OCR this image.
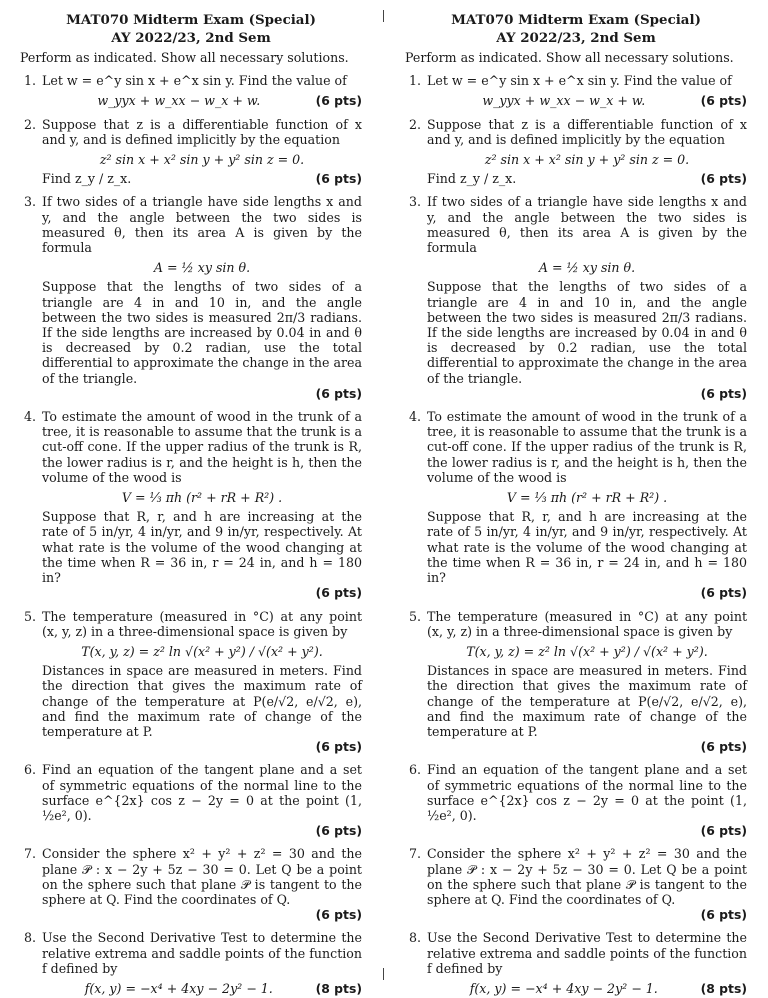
MAT070 Midterm Exam (Special)
AY 2022/23, 2nd Sem
Perform as indicated. Show all necessary solutions.
1. Let w = e^y sin x + e^x sin y. Find the value of

w_yyx + w_xx − w_x + w.	(6 pts)
2. Suppose that z is a differentiable function of x and y, and is defined implicitly by the equation

z² sin x + x² sin y + y² sin z = 0.
Find z_y / z_x.	(6 pts)
3. If two sides of a triangle have side lengths x and y, and the angle between the two sides is measured θ, then its area A is given by the formula

A = ½ xy sin θ.

Suppose that the lengths of two sides of a triangle are 4 in and 10 in, and the angle between the two sides is measured 2π/3 radians. If the side lengths are increased by 0.04 in and θ is decreased by 0.2 radian, use the total differential to approximate the change in the area of the triangle.

(6 pts)
4. To estimate the amount of wood in the trunk of a tree, it is reasonable to assume that the trunk is a cut-off cone. If the upper radius of the trunk is R, the lower radius is r, and the height is h, then the volume of the wood is

V = ⅓ πh (r² + rR + R²) .

Suppose that R, r, and h are increasing at the rate of 5 in/yr, 4 in/yr, and 9 in/yr, respectively. At what rate is the volume of the wood changing at the time when R = 36 in, r = 24 in, and h = 180 in?

(6 pts)
5. The temperature (measured in °C) at any point (x, y, z) in a three-dimensional space is given by

T(x, y, z) = z² ln √(x² + y²) / √(x² + y²).

Distances in space are measured in meters. Find the direction that gives the maximum rate of change of the temperature at P(e/√2, e/√2, e), and find the maximum rate of change of the temperature at P.

(6 pts)
6. Find an equation of the tangent plane and a set of symmetric equations of the normal line to the surface e^{2x} cos z − 2y = 0 at the point (1, ½e², 0).

(6 pts)
7. Consider the sphere x² + y² + z² = 30 and the plane 𝒫 : x − 2y + 5z − 30 = 0. Let Q be a point on the sphere such that plane 𝒫 is tangent to the sphere at Q. Find the coordinates of Q.

(6 pts)
8. Use the Second Derivative Test to determine the relative extrema and saddle points of the function f defined by

f(x, y) = −x⁴ + 4xy − 2y² − 1.	(8 pts)
MAT070 Midterm Exam (Special)
AY 2022/23, 2nd Sem
Perform as indicated. Show all necessary solutions.
1. Let w = e^y sin x + e^x sin y. Find the value of

w_yyx + w_xx − w_x + w.	(6 pts)
2. Suppose that z is a differentiable function of x and y, and is defined implicitly by the equation

z² sin x + x² sin y + y² sin z = 0.
Find z_y / z_x.	(6 pts)
3. If two sides of a triangle have side lengths x and y, and the angle between the two sides is measured θ, then its area A is given by the formula

A = ½ xy sin θ.

Suppose that the lengths of two sides of a triangle are 4 in and 10 in, and the angle between the two sides is measured 2π/3 radians. If the side lengths are increased by 0.04 in and θ is decreased by 0.2 radian, use the total differential to approximate the change in the area of the triangle.

(6 pts)
4. To estimate the amount of wood in the trunk of a tree, it is reasonable to assume that the trunk is a cut-off cone. If the upper radius of the trunk is R, the lower radius is r, and the height is h, then the volume of the wood is

V = ⅓ πh (r² + rR + R²) .

Suppose that R, r, and h are increasing at the rate of 5 in/yr, 4 in/yr, and 9 in/yr, respectively. At what rate is the volume of the wood changing at the time when R = 36 in, r = 24 in, and h = 180 in?

(6 pts)
5. The temperature (measured in °C) at any point (x, y, z) in a three-dimensional space is given by

T(x, y, z) = z² ln √(x² + y²) / √(x² + y²).

Distances in space are measured in meters. Find the direction that gives the maximum rate of change of the temperature at P(e/√2, e/√2, e), and find the maximum rate of change of the temperature at P.

(6 pts)
6. Find an equation of the tangent plane and a set of symmetric equations of the normal line to the surface e^{2x} cos z − 2y = 0 at the point (1, ½e², 0).

(6 pts)
7. Consider the sphere x² + y² + z² = 30 and the plane 𝒫 : x − 2y + 5z − 30 = 0. Let Q be a point on the sphere such that plane 𝒫 is tangent to the sphere at Q. Find the coordinates of Q.

(6 pts)
8. Use the Second Derivative Test to determine the relative extrema and saddle points of the function f defined by

f(x, y) = −x⁴ + 4xy − 2y² − 1.	(8 pts)
